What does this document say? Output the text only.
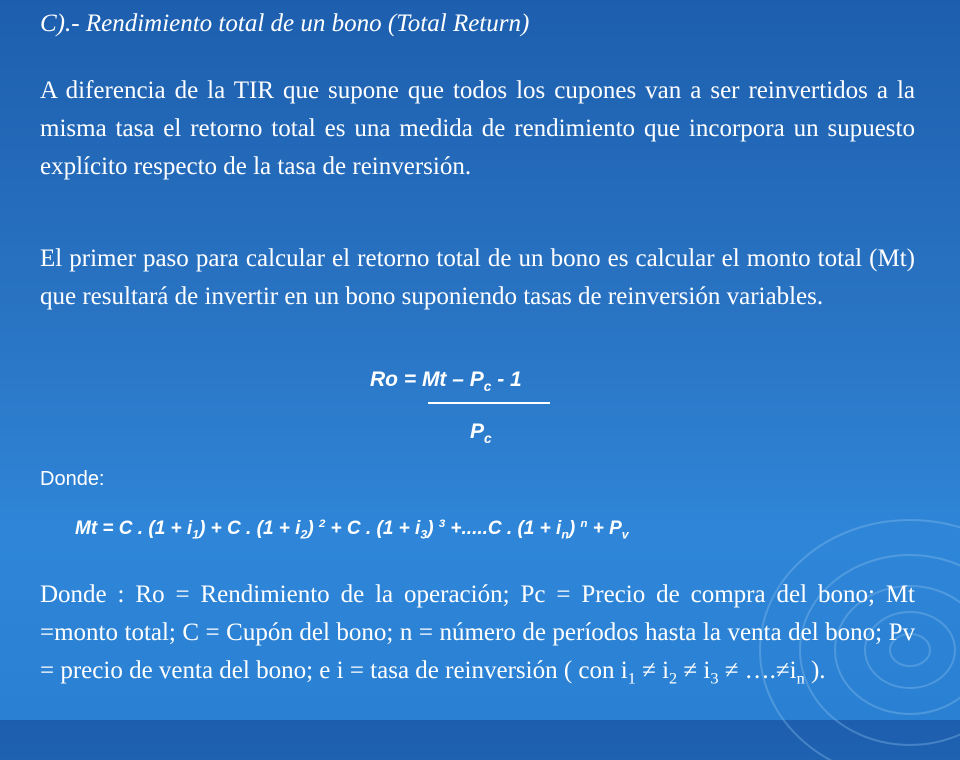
C).- Rendimiento total de un bono (Total Return)

A diferencia de la TIR que supone que todos los cupones van a ser reinvertidos a la misma tasa el retorno total es una medida de rendimiento que incorpora un supuesto explícito respecto de la tasa de reinversión.

El primer paso para calcular el retorno total de un bono es calcular el monto total (Mt) que resultará de invertir en un bono suponiendo tasas de reinversión variables.

$Ro = Mt - P_c - 1$
$P_c$
Donde:
Mt = C . $(1 + i_1) + C$ . $(1 + i_2)$ $^2$ + C . $(1 + i_3)$ $^3$ +.....C . $(1 + i_n)$ $^n + P_v$

Donde : Ro = Rendimiento de la operación; Pc = Precio de compra del bono; Mt =monto total; C = Cupón del bono; n = número de períodos hasta la venta del bono; Pv = precio de venta del bono; e i = tasa de reinversión ( con $i_1 \ne i_2 \ne i_3$ ≠ $\dots.\ne i_n$ ).
